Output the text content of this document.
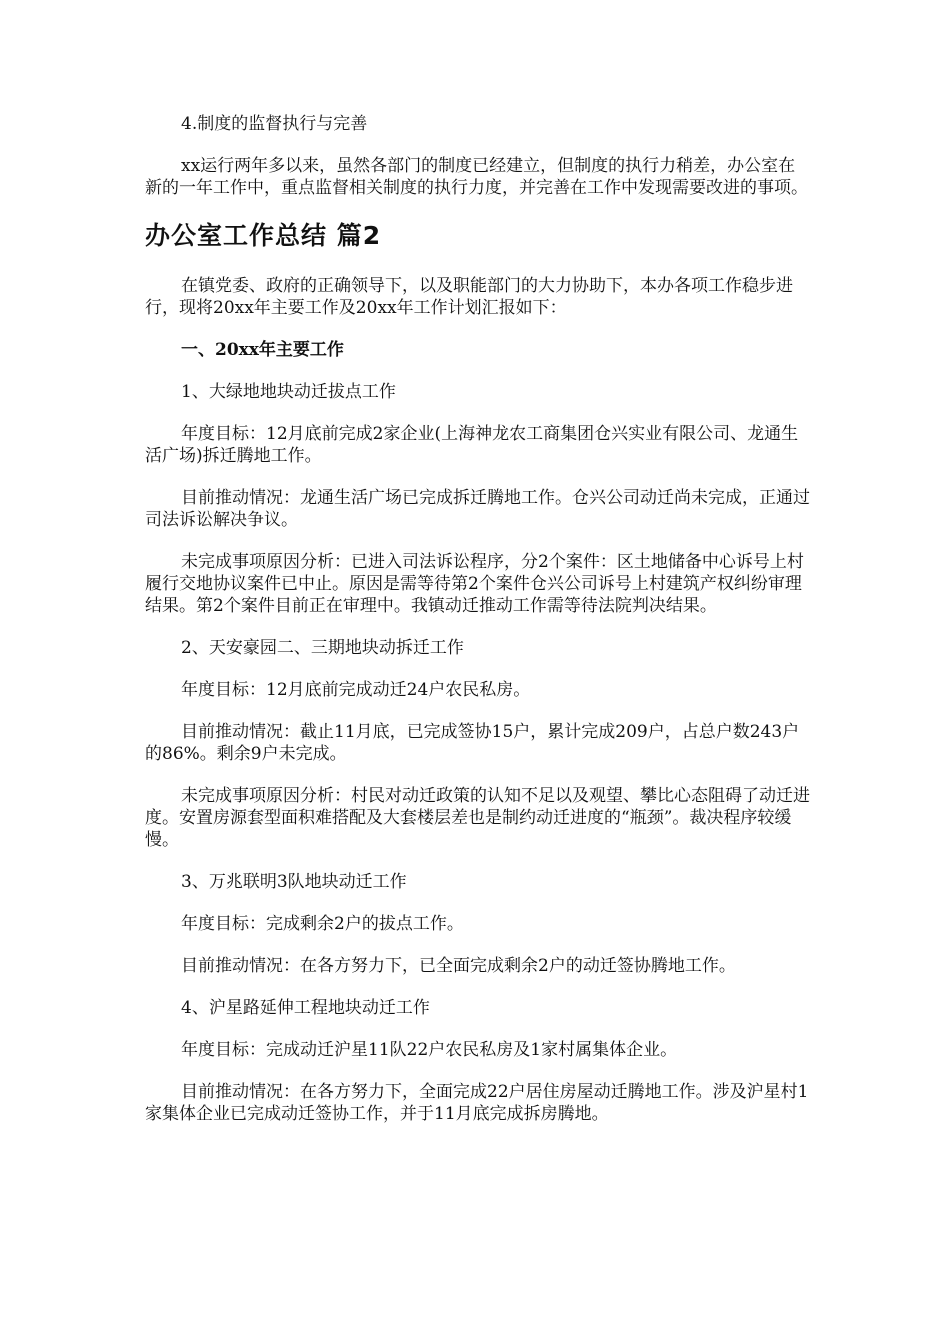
4.制度的监督执行与完善

xx运行两年多以来，虽然各部门的制度已经建立，但制度的执行力稍差，办公室在新的一年工作中，重点监督相关制度的执行力度，并完善在工作中发现需要改进的事项。

办公室工作总结 篇2

在镇党委、政府的正确领导下，以及职能部门的大力协助下，本办各项工作稳步进行，现将20xx年主要工作及20xx年工作计划汇报如下：

一、20xx年主要工作

1、大绿地地块动迁拔点工作

年度目标：12月底前完成2家企业(上海神龙农工商集团仓兴实业有限公司、龙通生活广场)拆迁腾地工作。

目前推动情况：龙通生活广场已完成拆迁腾地工作。仓兴公司动迁尚未完成，正通过司法诉讼解决争议。

未完成事项原因分析：已进入司法诉讼程序，分2个案件：区土地储备中心诉号上村履行交地协议案件已中止。原因是需等待第2个案件仓兴公司诉号上村建筑产权纠纷审理结果。第2个案件目前正在审理中。我镇动迁推动工作需等待法院判决结果。

2、天安豪园二、三期地块动拆迁工作

年度目标：12月底前完成动迁24户农民私房。

目前推动情况：截止11月底，已完成签协15户，累计完成209户，占总户数243户的86%。剩余9户未完成。

未完成事项原因分析：村民对动迁政策的认知不足以及观望、攀比心态阻碍了动迁进度。安置房源套型面积难搭配及大套楼层差也是制约动迁进度的“瓶颈”。裁决程序较缓慢。

3、万兆联明3队地块动迁工作

年度目标：完成剩余2户的拔点工作。

目前推动情况：在各方努力下，已全面完成剩余2户的动迁签协腾地工作。

4、沪星路延伸工程地块动迁工作

年度目标：完成动迁沪星11队22户农民私房及1家村属集体企业。

目前推动情况：在各方努力下，全面完成22户居住房屋动迁腾地工作。涉及沪星村1家集体企业已完成动迁签协工作，并于11月底完成拆房腾地。
